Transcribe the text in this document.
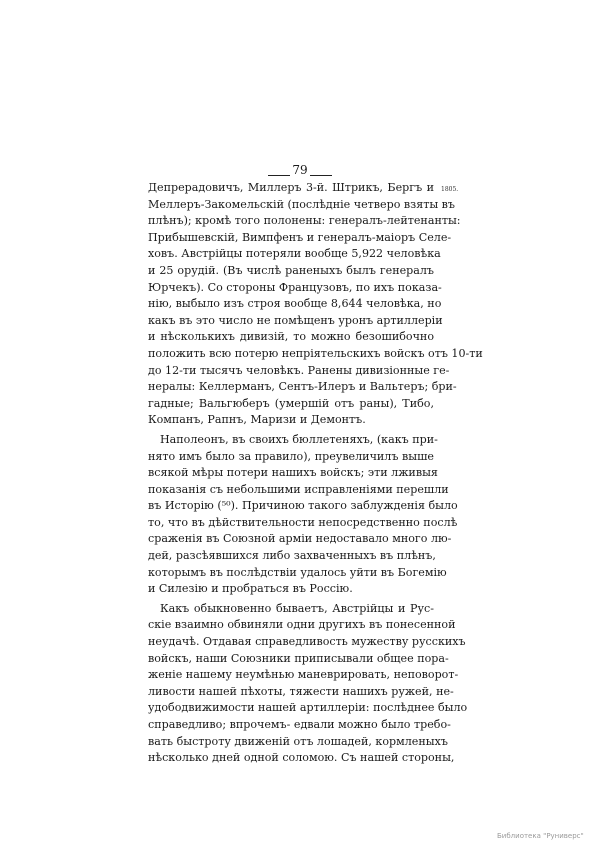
79
1805.
Депрерадовичъ, Миллеръ 3-й. Штрикъ, Бергъ и
Меллеръ-Закомельскій (послѣдніе четверо взяты въ
плѣнъ); кромѣ того полонены: генералъ-лейтенанты:
Прибышевскій, Вимпфенъ и генералъ-маіоръ Селе-
ховъ. Австрійцы потеряли вообще 5,922 человѣка
и 25 орудій. (Въ числѣ раненыхъ былъ генералъ
Юрчекъ). Со стороны Французовъ, по ихъ показа-
нію, выбыло изъ строя вообще 8,644 человѣка, но
какъ въ это число не помѣщенъ уронъ артиллеріи
и нѣсколькихъ дивизій, то можно безошибочно
положить всю потерю непріятельскихъ войскъ отъ 10-ти
до 12-ти тысячъ человѣкъ. Ранены дивизіонные ге-
нералы: Келлерманъ, Сентъ-Илеръ и Вальтеръ; бри-
гадные; Вальгюберъ (умершій отъ раны), Тибо,
Компанъ, Рапнъ, Маризи и Демонтъ.
Наполеонъ, въ своихъ бюллетеняхъ, (какъ при-
нято имъ было за правило), преувеличилъ выше
всякой мѣры потери нашихъ войскъ; эти лживыя
показанія съ небольшими исправленіями перешли
въ Исторію (⁵⁰). Причиною такого заблужденія было
то, что въ дѣйствительности непосредственно послѣ
сраженія въ Союзной арміи недоставало много лю-
дей, разсѣявшихся либо захваченныхъ въ плѣнъ,
которымъ въ послѣдствіи удалось уйти въ Богемію
и Силезію и пробраться въ Россію.
Какъ обыкновенно бываетъ, Австрійцы и Рус-
скіе взаимно обвиняли одни другихъ въ понесенной
неудачѣ. Отдавая справедливость мужеству русскихъ
войскъ, наши Союзники приписывали общее пора-
женіе нашему неумѣнью маневрировать, неповорот-
ливости нашей пѣхоты, тяжести нашихъ ружей, не-
удободвижимости нашей артиллеріи: послѣднее было
справедливо; впрочемъ- едвали можно было требо-
вать быстроту движеній отъ лошадей, кормленыхъ
нѣсколько дней одной соломою. Съ нашей стороны,
Библиотека "Руниверс"
